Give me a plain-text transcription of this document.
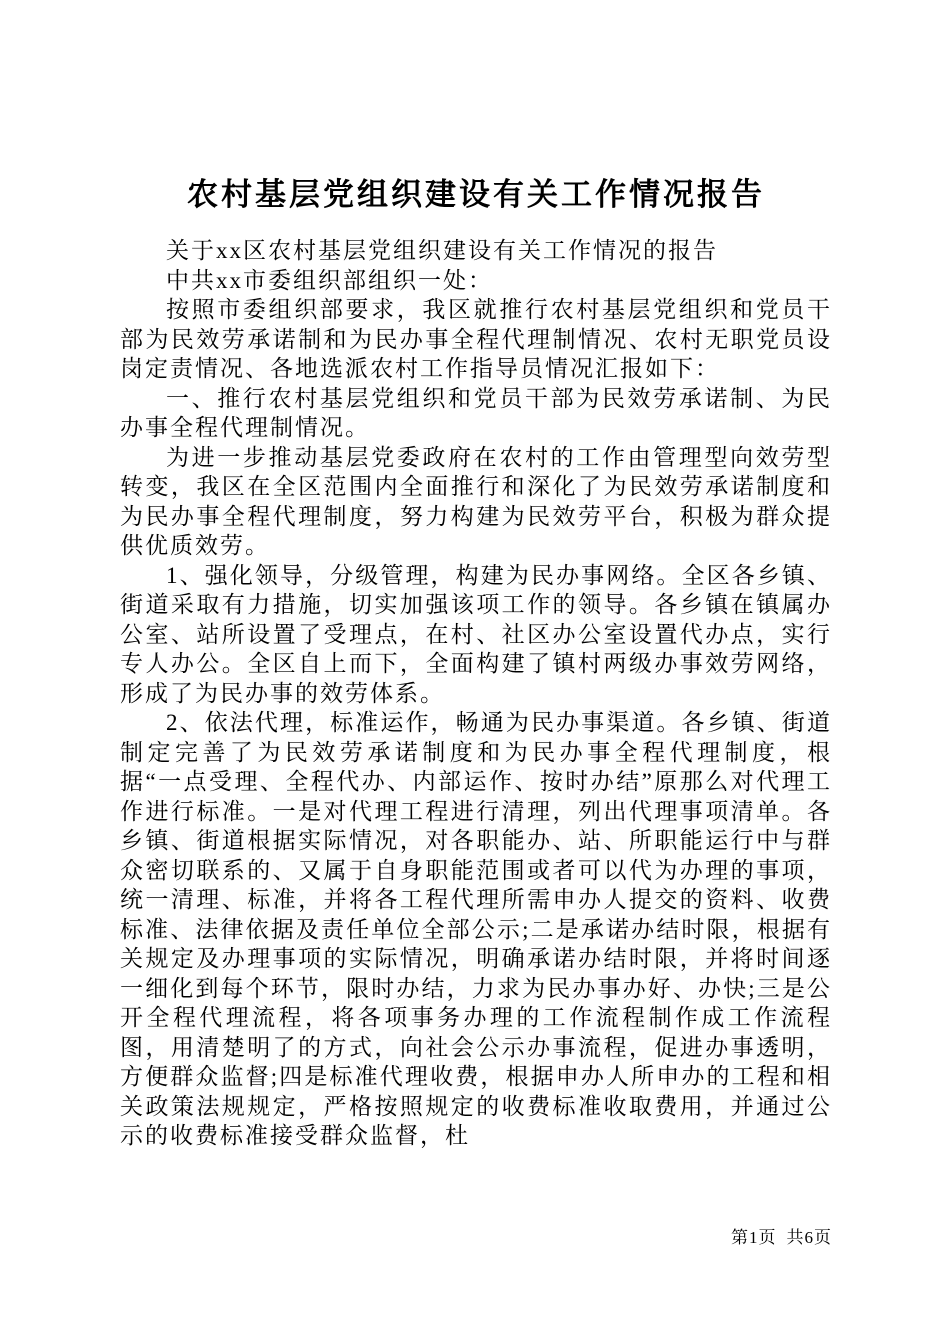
农村基层党组织建设有关工作情况报告

关于xx区农村基层党组织建设有关工作情况的报告

中共xx市委组织部组织一处：

按照市委组织部要求，我区就推行农村基层党组织和党员干部为民效劳承诺制和为民办事全程代理制情况、农村无职党员设岗定责情况、各地选派农村工作指导员情况汇报如下：

一、推行农村基层党组织和党员干部为民效劳承诺制、为民办事全程代理制情况。

为进一步推动基层党委政府在农村的工作由管理型向效劳型转变，我区在全区范围内全面推行和深化了为民效劳承诺制度和为民办事全程代理制度，努力构建为民效劳平台，积极为群众提供优质效劳。

1、强化领导，分级管理，构建为民办事网络。全区各乡镇、街道采取有力措施，切实加强该项工作的领导。各乡镇在镇属办公室、站所设置了受理点，在村、社区办公室设置代办点，实行专人办公。全区自上而下，全面构建了镇村两级办事效劳网络，形成了为民办事的效劳体系。

2、依法代理，标准运作，畅通为民办事渠道。各乡镇、街道制定完善了为民效劳承诺制度和为民办事全程代理制度，根据“一点受理、全程代办、内部运作、按时办结”原那么对代理工作进行标准。一是对代理工程进行清理，列出代理事项清单。各乡镇、街道根据实际情况，对各职能办、站、所职能运行中与群众密切联系的、又属于自身职能范围或者可以代为办理的事项，统一清理、标准，并将各工程代理所需申办人提交的资料、收费标准、法律依据及责任单位全部公示;二是承诺办结时限，根据有关规定及办理事项的实际情况，明确承诺办结时限，并将时间逐一细化到每个环节，限时办结，力求为民办事办好、办快;三是公开全程代理流程，将各项事务办理的工作流程制作成工作流程图，用清楚明了的方式，向社会公示办事流程，促进办事透明，方便群众监督;四是标准代理收费，根据申办人所申办的工程和相关政策法规规定，严格按照规定的收费标准收取费用，并通过公示的收费标准接受群众监督，杜

第1页 共6页
